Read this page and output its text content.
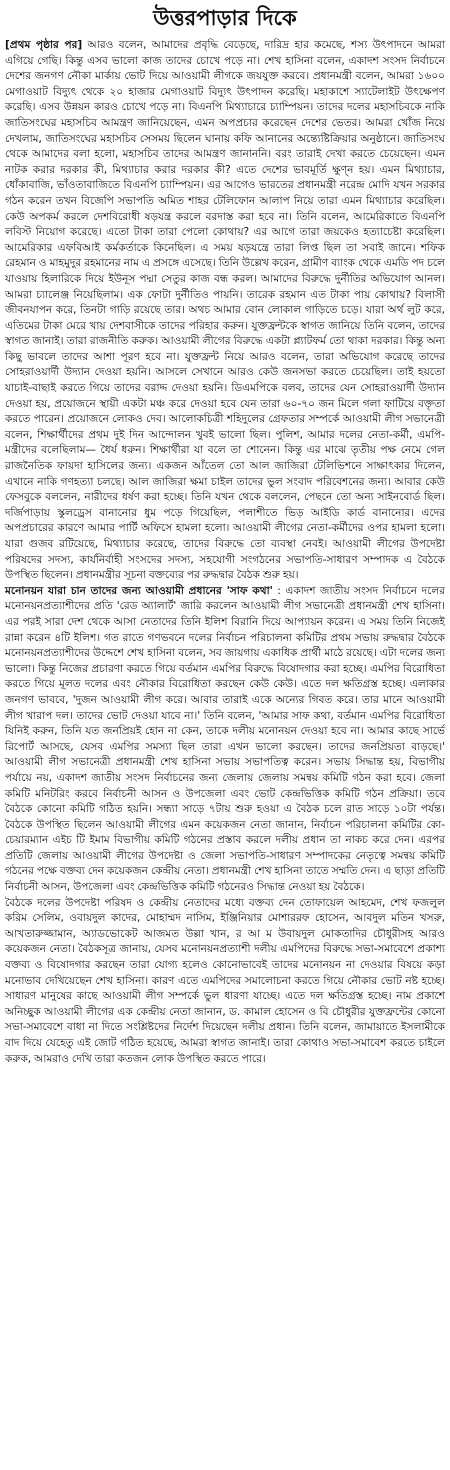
উত্তরপাড়ার দিকে

[প্রথম পৃষ্ঠার পর] আরও বলেন, আমাদের প্রবৃদ্ধি বেড়েছে, দারিদ্র হার কমেছে, শস্য উৎপাদনে আমরা এগিয়ে গেছি। কিন্তু এসব ভালো কাজ তাদের চোখে পড়ে না। শেখ হাসিনা বলেন, একাদশ সংসদ নির্বাচনে দেশের জনগণ নৌকা মার্কায় ভোট দিয়ে আওয়ামী লীগকে জয়যুক্ত করবে। প্রধানমন্ত্রী বলেন, আমরা ১৬০০ মেগাওয়াট বিদ্যুৎ থেকে ২০ হাজার মেগাওয়াট বিদ্যুৎ উৎপাদন করেছি। মহাকাশে স্যাটেলাইট উৎক্ষেপণ করেছি। এসব উন্নয়ন কারও চোখে পড়ে না। বিএনপি মিথ্যাচারে চ্যাম্পিয়ন। তাদের দলের মহাসচিবকে নাকি জাতিসংঘের মহাসচিব আমন্ত্রণ জানিয়েছেন, এমন অপপ্রচার করেছেন দেশের ভেতর। আমরা খোঁজ নিয়ে দেখলাম, জাতিসংঘের মহাসচিব সেসময় ছিলেন ঘানায় কফি আনানের অন্ত্যেষ্টিক্রিয়ার অনুষ্ঠানে। জাতিসংঘ থেকে আমাদের বলা হলো, মহাসচিব তাদের আমন্ত্রণ জানাননি। বরং তারাই দেখা করতে চেয়েছেন। এমন নাটক করার দরকার কী, মিথ্যাচার করার দরকার কী? এতে দেশের ভাবমূর্তি ক্ষুণ্ন হয়। এমন মিথ্যাচার, ধোঁকাবাজি, ভাঁওতাবাজিতে বিএনপি চ্যাম্পিয়ন। এর আগেও ভারতের প্রধানমন্ত্রী নরেন্দ্র মোদি যখন সরকার গঠন করেন তখন বিজেপি সভাপতি অমিত শাহর টেলিফোন আলাপ নিয়ে তারা এমন মিথ্যাচার করেছিল। কেউ অপকর্ম করলে দেশবিরোধী ষড়যন্ত্র করলে বরদাস্ত করা হবে না। তিনি বলেন, আমেরিকাতে বিএনপি লবিস্ট নিয়োগ করেছে। এতো টাকা তারা পেলো কোথায়? এর আগে তারা জয়কেও হত্যাচেষ্টা করেছিল। আমেরিকার এফবিআই কর্মকর্তাকে কিনেছিল। এ সময় ষড়যন্ত্রে তারা লিপ্ত ছিল তা সবাই জানে। শফিক রেহমান ও মাহমুদুর রহমানের নাম এ প্রসঙ্গে এসেছে। তিনি উল্লেখ করেন, গ্রামীণ ব্যাংক থেকে এমডি পদ চলে যাওয়ায় হিলারিকে দিয়ে ইউনূস পদ্মা সেতুর কাজ বন্ধ করল। আমাদের বিরুদ্ধে দুর্নীতির অভিযোগ আনল। আমরা চ্যালেঞ্জ নিয়েছিলাম। এক ফোটা দুর্নীতিও পায়নি। তারেক রহমান এত টাকা পায় কোথায়? বিলাসী জীবনযাপন করে, তিনটা গাড়ি রয়েছে তার। অথচ আমার বোন লোকাল গাড়িতে চড়ে। যারা অর্থ লুট করে, এতিমের টাকা মেরে খায় দেশবাসীকে তাদের পরিহার করুন। যুক্তফ্রন্টকে স্বাগত জানিয়ে তিনি বলেন, তাদের স্বাগত জানাই। তারা রাজনীতি করুক। আওয়ামী লীগের বিরুদ্ধে একটা প্ল্যাটফর্ম তো থাকা দরকার। কিন্তু অন্য কিছু ভাবলে তাদের আশা পূরণ হবে না। যুক্তফ্রন্ট নিয়ে আরও বলেন, তারা অভিযোগ করেছে তাদের সোহরাওয়ার্দী উদ্যান দেওয়া হয়নি। আসলে সেখানে আরও কেউ জনসভা করতে চেয়েছিল। তাই হয়তো যাচাই-বাছাই করতে গিয়ে তাদের বরাদ্দ দেওয়া হয়নি। ডিএমপিকে বলব, তাদের যেন সোহরাওয়ার্দী উদ্যান দেওয়া হয়, প্রয়োজনে স্থায়ী একটা মঞ্চ করে দেওয়া হবে যেন তারা ৬০-৭০ জন মিলে গলা ফাটিয়ে বক্তৃতা করতে পারেন। প্রয়োজনে লোকও দেব। আলোকচিত্রী শহিদুলের গ্রেফতার সম্পর্কে আওয়ামী লীগ সভানেত্রী বলেন, শিক্ষার্থীদের প্রথম দুই দিন আন্দোলন খুবই ভালো ছিল। পুলিশ, আমার দলের নেতা-কর্মী, এমপি-মন্ত্রীদের বলেছিলাম— ধৈর্য ধরুন। শিক্ষার্থীরা যা বলে তা শোনেন। কিন্তু এর মাঝে তৃতীয় পক্ষ নেমে গেল রাজনৈতিক ফায়দা হাসিলের জন্য। একজন আঁতেল তো আল জাজিরা টেলিভিশনে সাক্ষাৎকার দিলেন, এখানে নাকি গণহত্যা চলছে। আল জাজিরা ক্ষমা চাইল তাদের ভুল সংবাদ পরিবেশনের জন্য। আবার কেউ ফেসবুকে বললেন, নারীদের ধর্ষণ করা হচ্ছে। তিনি যখন থেকে বললেন, পেছনে তো অন্য সাইনবোর্ড ছিল। দর্জিপাড়ায় স্কুলড্রেস বানানোর ধুম পড়ে গিয়েছিল, পলাশীতে ভিড় আইডি কার্ড বানানোর। এদের অপপ্রচারের কারণে আমার পার্টি অফিসে হামলা হলো। আওয়ামী লীগের নেতা-কর্মীদের ওপর হামলা হলো। যারা গুজব রটিয়েছে, মিথ্যাচার করেছে, তাদের বিরুদ্ধে তো ব্যবস্থা নেবই। আওয়ামী লীগের উপদেষ্টা পরিষদের সদস্য, কার্যনির্বাহী সংসদের সদস্য, সহযোগী সংগঠনের সভাপতি-সাধারণ সম্পাদক এ বৈঠকে উপস্থিত ছিলেন। প্রধানমন্ত্রীর সূচনা বক্তব্যের পর রুদ্ধদ্বার বৈঠক শুরু হয়।

মনোনয়ন যারা চান তাদের জন্য আওয়ামী প্রধানের 'সাফ কথা' : একাদশ জাতীয় সংসদ নির্বাচনে দলের মনোনয়নপ্রত্যাশীদের প্রতি 'রেড অ্যালার্ট' জারি করলেন আওয়ামী লীগ সভানেত্রী প্রধানমন্ত্রী শেখ হাসিনা। এর পরই সারা দেশ থেকে আসা নেতাদের তিনি ইলিশ বিরানি দিয়ে আপ্যায়ন করেন। এ সময় তিনি নিজেই রান্না করেন ৪টি ইলিশ। গত রাতে গণভবনে দলের নির্বাচন পরিচালনা কমিটির প্রথম সভায় রুদ্ধদ্বার বৈঠকে মনোনয়নপ্রত্যাশীদের উদ্দেশে শেখ হাসিনা বলেন, সব জায়গায় একাধিক প্রার্থী মাঠে রয়েছে। এটা দলের জন্য ভালো। কিন্তু নিজের প্রচারণা করতে গিয়ে বর্তমান এমপির বিরুদ্ধে বিষোদগার করা হচ্ছে। এমপির বিরোধিতা করতে গিয়ে মূলত দলের এবং নৌকার বিরোধিতা করছেন কেউ কেউ। এতে দল ক্ষতিগ্রস্ত হচ্ছে। এলাকার জনগণ ভাববে, 'দুজন আওয়ামী লীগ করে। আবার তারাই একে অন্যের গিবত করে। তার মানে আওয়ামী লীগ খারাপ দল। তাদের ভোট দেওয়া যাবে না।' তিনি বলেন, 'আমার সাফ কথা, বর্তমান এমপির বিরোধিতা যিনিই করুন, তিনি যত জনপ্রিয়ই হোন না কেন, তাকে দলীয় মনোনয়ন দেওয়া হবে না। আমার কাছে সার্ভে রিপোর্ট আসছে, যেসব এমপির সমস্যা ছিল তারা এখন ভালো করছেন। তাদের জনপ্রিয়তা বাড়ছে।' আওয়ামী লীগ সভানেত্রী প্রধানমন্ত্রী শেখ হাসিনা সভায় সভাপতিত্ব করেন। সভায় সিদ্ধান্ত হয়, বিভাগীয় পর্যায়ে নয়, একাদশ জাতীয় সংসদ নির্বাচনের জন্য জেলায় জেলায় সমন্বয় কমিটি গঠন করা হবে। জেলা কমিটি মনিটরিং করবে নির্বাচনী আসন ও উপজেলা এবং ভোট কেন্দ্রভিত্তিক কমিটি গঠন প্রক্রিয়া। তবে বৈঠকে কোনো কমিটি গঠিত হয়নি। সন্ধ্যা সাড়ে ৭টায় শুরু হওয়া এ বৈঠক চলে রাত সাড়ে ১০টা পর্যন্ত। বৈঠকে উপস্থিত ছিলেন আওয়ামী লীগের এমন কয়েকজন নেতা জানান, নির্বাচন পরিচালনা কমিটির কো-চেয়ারম্যান এইচ টি ইমাম বিভাগীয় কমিটি গঠনের প্রস্তাব করলে দলীয় প্রধান তা নাকচ করে দেন। এরপর প্রতিটি জেলায় আওয়ামী লীগের উপদেষ্টা ও জেলা সভাপতি-সাধারণ সম্পাদকের নেতৃত্বে সমন্বয় কমিটি গঠনের পক্ষে বক্তব্য দেন কয়েকজন কেন্দ্রীয় নেতা। প্রধানমন্ত্রী শেখ হাসিনা তাতে সম্মতি দেন। এ ছাড়া প্রতিটি নির্বাচনী আসন, উপজেলা এবং কেন্দ্রভিত্তিক কমিটি গঠনেরও সিদ্ধান্ত নেওয়া হয় বৈঠকে।

বৈঠকে দলের উপদেষ্টা পরিষদ ও কেন্দ্রীয় নেতাদের মধ্যে বক্তব্য দেন তোফায়েল আহমেদ, শেখ ফজলুল করিম সেলিম, ওবায়দুল কাদের, মোহাম্মদ নাসিম, ইঞ্জিনিয়ার মোশাররফ হোসেন, আবদুল মতিন খসরু, আখতারুজ্জামান, অ্যাডভোকেট আজমত উল্লা খান, র আ ম উবায়দুল মোকতাদির চৌধুরীসহ আরও কয়েকজন নেতা। বৈঠকসূত্র জানায়, যেসব মনোনয়নপ্রত্যাশী দলীয় এমপিদের বিরুদ্ধে সভা-সমাবেশে প্রকাশ্য বক্তব্য ও বিষোদগার করছেন তারা যোগ্য হলেও কোনোভাবেই তাদের মনোনয়ন না দেওয়ার বিষয়ে কড়া মনোভাব দেখিয়েছেন শেখ হাসিনা। কারণ এতে এমপিদের সমালোচনা করতে গিয়ে নৌকার ভোট নষ্ট হচ্ছে। সাধারণ মানুষের কাছে আওয়ামী লীগ সম্পর্কে ভুল ধারণা যাচ্ছে। এতে দল ক্ষতিগ্রস্ত হচ্ছে। নাম প্রকাশে অনিচ্ছুক আওয়ামী লীগের এক কেন্দ্রীয় নেতা জানান, ড. কামাল হোসেন ও বি চৌধুরীর যুক্তফ্রন্টের কোনো সভা-সমাবেশে বাধা না দিতে সংশ্লিষ্টদের নির্দেশ দিয়েছেন দলীয় প্রধান। তিনি বলেন, জামায়াতে ইসলামীকে বাদ দিয়ে যেহেতু এই জোট গঠিত হয়েছে, আমরা স্বাগত জানাই। তারা কোথাও সভা-সমাবেশ করতে চাইলে করুক, আমরাও দেখি তারা কতজন লোক উপস্থিত করতে পারে।
